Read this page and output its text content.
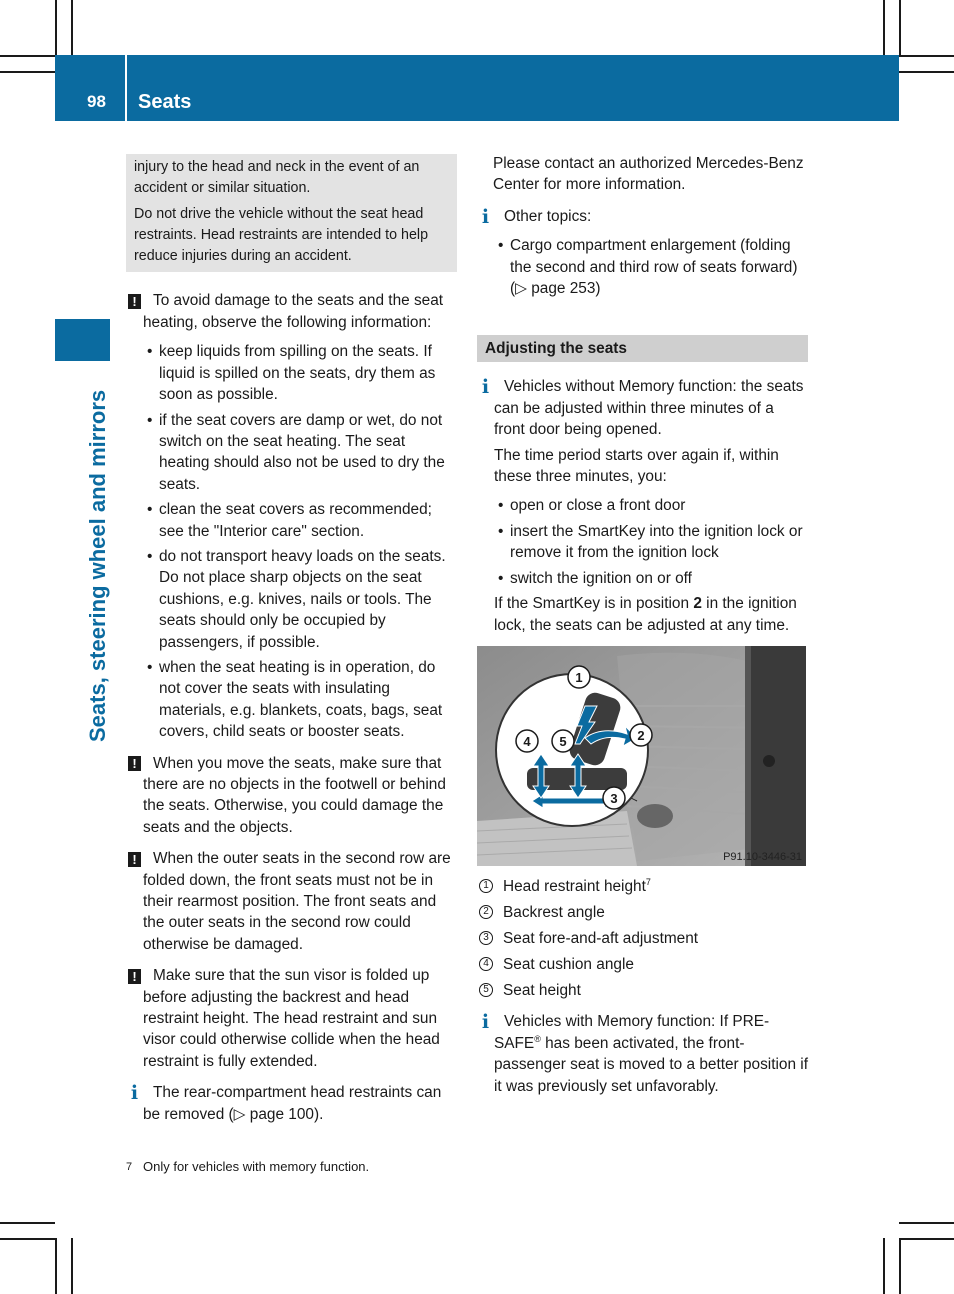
98 Seats
Seats, steering wheel and mirrors

injury to the head and neck in the event of an accident or similar situation.

Do not drive the vehicle without the seat head restraints. Head restraints are intended to help reduce injuries during an accident.

!	To avoid damage to the seats and the seat heating, observe the following information:

• keep liquids from spilling on the seats. If liquid is spilled on the seats, dry them as soon as possible.
• if the seat covers are damp or wet, do not switch on the seat heating. The seat heating should also not be used to dry the seats.
• clean the seat covers as recommended; see the "Interior care" section.
• do not transport heavy loads on the seats. Do not place sharp objects on the seat cushions, e.g. knives, nails or tools. The seats should only be occupied by passengers, if possible.
• when the seat heating is in operation, do not cover the seats with insulating materials, e.g. blankets, coats, bags, seat covers, child seats or booster seats.
!	When you move the seats, make sure that there are no objects in the footwell or behind the seats. Otherwise, you could damage the seats and the objects.

!	When the outer seats in the second row are folded down, the front seats must not be in their rearmost position. The front seats and the outer seats in the second row could otherwise be damaged.

!	Make sure that the sun visor is folded up before adjusting the backrest and head restraint height. The head restraint and sun visor could otherwise collide when the head restraint is fully extended.

i The rear-compartment head restraints can be removed (▷ page 100).

Please contact an authorized Mercedes-Benz Center for more information.

i Other topics:

• Cargo compartment enlargement (folding the second and third row of seats forward) (▷ page 253)
Adjusting the seats
i Vehicles without Memory function: the seats can be adjusted within three minutes of a front door being opened.

The time period starts over again if, within these three minutes, you:

• open or close a front door
• insert the SmartKey into the ignition lock or remove it from the ignition lock
• switch the ignition on or off

If the SmartKey is in position 2 in the ignition lock, the seats can be adjusted at any time.

1
2
3
4 5
P91.10-3446-31
1 Head restraint height$^7$
2 Backrest angle
3 Seat fore-and-aft adjustment
4 Seat cushion angle
5 Seat height
i Vehicles with Memory function: If PRE-SAFE® has been activated, the front-passenger seat is moved to a better position if it was previously set unfavorably.

7 Only for vehicles with memory function.
